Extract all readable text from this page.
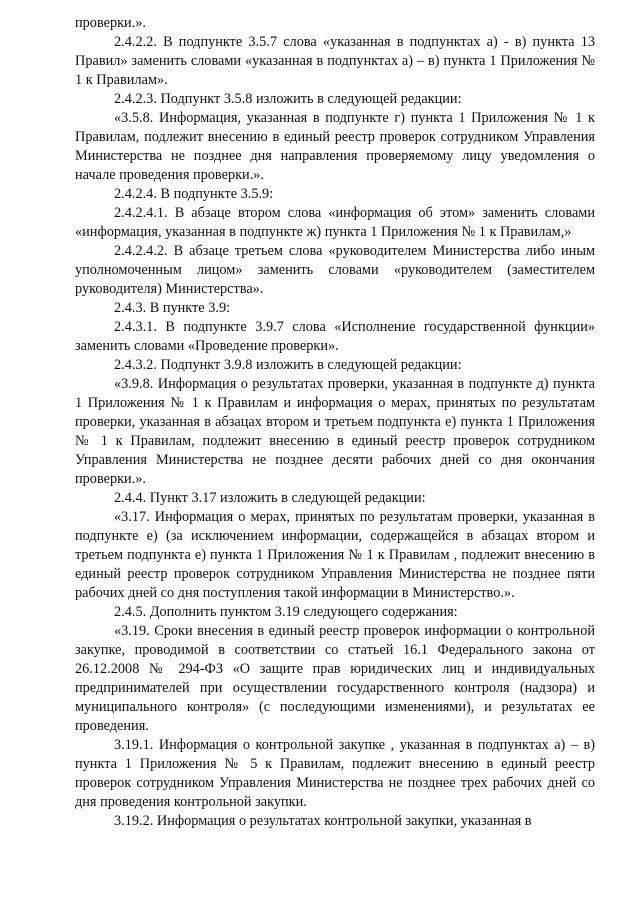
проверки.».

2.4.2.2. В подпункте 3.5.7 слова «указанная в подпунктах а) - в) пункта 13 Правил» заменить словами «указанная в подпунктах а) – в) пункта 1 Приложения № 1 к Правилам».

2.4.2.3. Подпункт 3.5.8 изложить в следующей редакции:

«3.5.8. Информация, указанная в подпункте г) пункта 1 Приложения № 1 к Правилам, подлежит внесению в единый реестр проверок сотрудником Управления Министерства не позднее дня направления проверяемому лицу уведомления о начале проведения проверки.».

2.4.2.4. В подпункте 3.5.9:

2.4.2.4.1. В абзаце втором слова «информация об этом» заменить словами «информация, указанная в подпункте ж) пункта 1 Приложения № 1 к Правилам,»

2.4.2.4.2. В абзаце третьем слова «руководителем Министерства либо иным уполномоченным лицом» заменить словами «руководителем (заместителем руководителя) Министерства».

2.4.3. В пункте 3.9:

2.4.3.1. В подпункте 3.9.7 слова «Исполнение государственной функции» заменить словами «Проведение проверки».

2.4.3.2. Подпункт 3.9.8 изложить в следующей редакции:

«3.9.8. Информация о результатах проверки, указанная в подпункте д) пункта 1 Приложения № 1 к Правилам и информация о мерах, принятых по результатам проверки, указанная в абзацах втором и третьем подпункта е) пункта 1 Приложения № 1 к Правилам, подлежит внесению в единый реестр проверок сотрудником Управления Министерства не позднее десяти рабочих дней со дня окончания проверки.».

2.4.4. Пункт 3.17 изложить в следующей редакции:

«3.17. Информация о мерах, принятых по результатам проверки, указанная в подпункте е) (за исключением информации, содержащейся в абзацах втором и третьем подпункта е) пункта 1 Приложения № 1 к Правилам , подлежит внесению в единый реестр проверок сотрудником Управления Министерства не позднее пяти рабочих дней со дня поступления такой информации в Министерство.».

2.4.5. Дополнить пунктом 3.19 следующего содержания:

«3.19. Сроки внесения в единый реестр проверок информации о контрольной закупке, проводимой в соответствии со статьей 16.1 Федерального закона от 26.12.2008 № 294-ФЗ «О защите прав юридических лиц и индивидуальных предпринимателей при осуществлении государственного контроля (надзора) и муниципального контроля» (с последующими изменениями), и результатах ее проведения.

3.19.1. Информация о контрольной закупке , указанная в подпунктах а) – в) пункта 1 Приложения № 5 к Правилам, подлежит внесению в единый реестр проверок сотрудником Управления Министерства не позднее трех рабочих дней со дня проведения контрольной закупки.

3.19.2. Информация о результатах контрольной закупки, указанная в
